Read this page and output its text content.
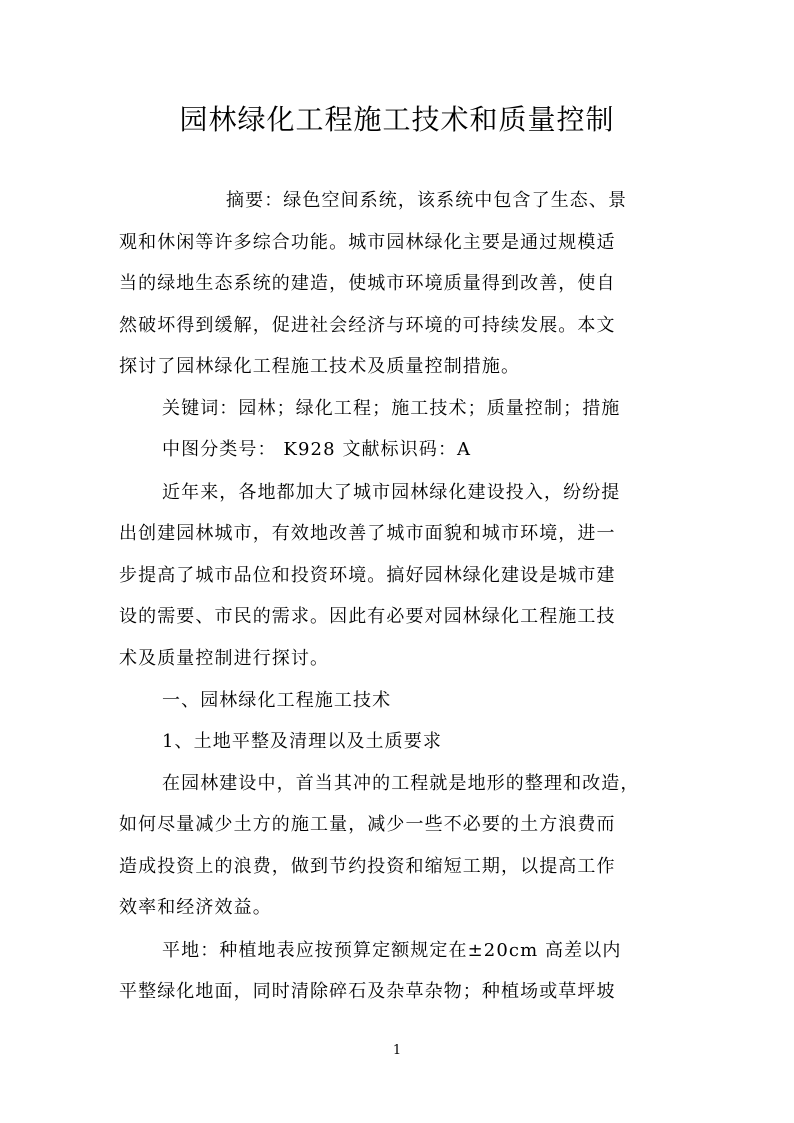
园林绿化工程施工技术和质量控制
摘要：绿色空间系统，该系统中包含了生态、景
观和休闲等许多综合功能。城市园林绿化主要是通过规模适
当的绿地生态系统的建造，使城市环境质量得到改善，使自
然破坏得到缓解，促进社会经济与环境的可持续发展。本文
探讨了园林绿化工程施工技术及质量控制措施。
关键词：园林；绿化工程；施工技术；质量控制；措施
中图分类号： K928 文献标识码：A
近年来，各地都加大了城市园林绿化建设投入，纷纷提
出创建园林城市，有效地改善了城市面貌和城市环境，进一
步提高了城市品位和投资环境。搞好园林绿化建设是城市建
设的需要、市民的需求。因此有必要对园林绿化工程施工技
术及质量控制进行探讨。
一、园林绿化工程施工技术
1、土地平整及清理以及土质要求
在园林建设中，首当其冲的工程就是地形的整理和改造，
如何尽量减少土方的施工量，减少一些不必要的土方浪费而
造成投资上的浪费，做到节约投资和缩短工期，以提高工作
效率和经济效益。
平地：种植地表应按预算定额规定在±20cm 高差以内
平整绿化地面，同时清除碎石及杂草杂物；种植场或草坪坡
1
